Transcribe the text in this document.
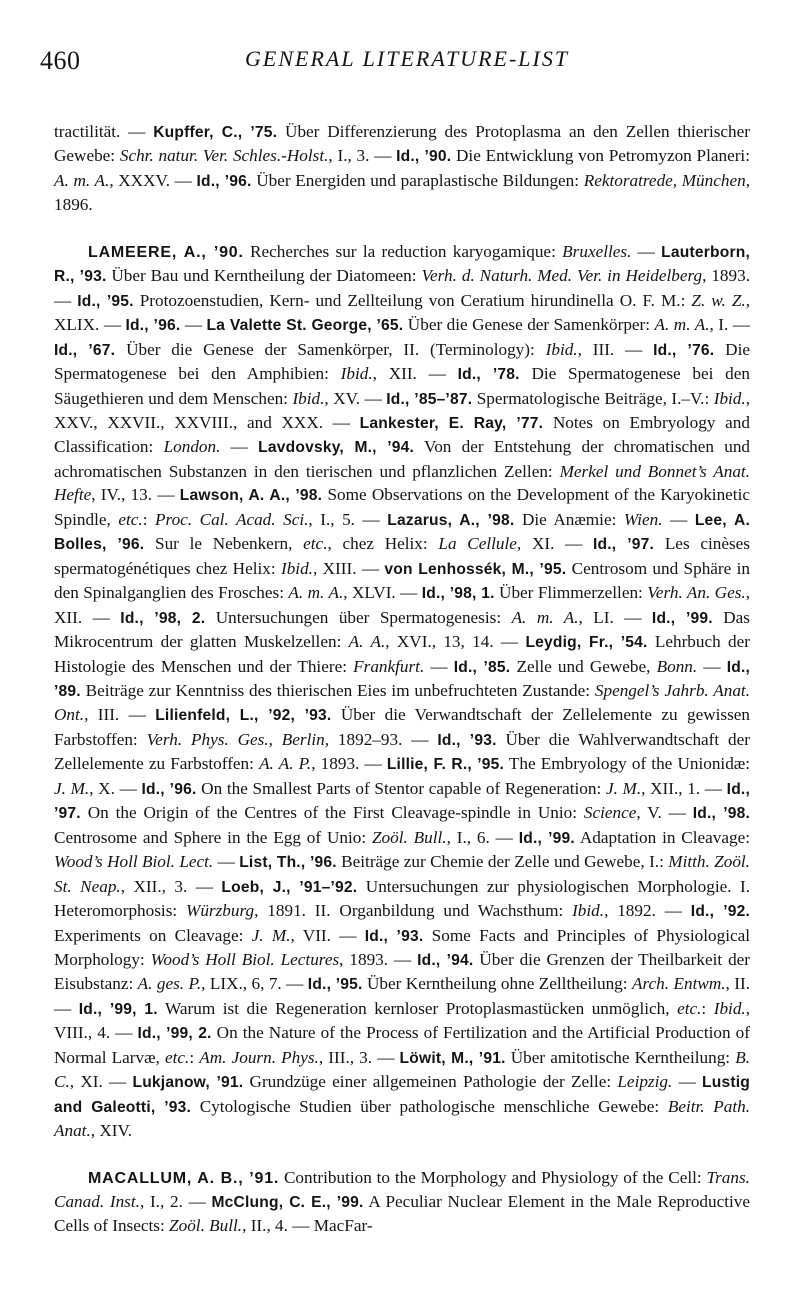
460	GENERAL LITERATURE-LIST

tractilität. — Kupffer, C., ’75. Über Differenzierung des Protoplasma an den Zellen thierischer Gewebe: Schr. natur. Ver. Schles.-Holst., I., 3. — Id., ’90. Die Entwicklung von Petromyzon Planeri: A. m. A., XXXV. — Id., ’96. Über Energiden und paraplastische Bildungen: Rektoratrede, München, 1896.

LAMEERE, A., ’90. Recherches sur la reduction karyogamique: Bruxelles. — Lauterborn, R., ’93. Über Bau und Kerntheilung der Diatomeen: Verh. d. Naturh. Med. Ver. in Heidelberg, 1893. — Id., ’95. Protozoenstudien, Kern- und Zellteilung von Ceratium hirundinella O. F. M.: Z. w. Z., XLIX. — Id., ’96. — La Valette St. George, ’65. Über die Genese der Samenkörper: A. m. A., I. — Id., ’67. Über die Genese der Samenkörper, II. (Terminology): Ibid., III. — Id., ’76. Die Spermatogenese bei den Amphibien: Ibid., XII. — Id., ’78. Die Spermatogenese bei den Säugethieren und dem Menschen: Ibid., XV. — Id., ’85–’87. Spermatologische Beiträge, I.–V.: Ibid., XXV., XXVII., XXVIII., and XXX. — Lankester, E. Ray, ’77. Notes on Embryology and Classification: London. — Lavdovsky, M., ’94. Von der Entstehung der chromatischen und achromatischen Substanzen in den tierischen und pflanzlichen Zellen: Merkel und Bonnet’s Anat. Hefte, IV., 13. — Lawson, A. A., ’98. Some Observations on the Development of the Karyokinetic Spindle, etc.: Proc. Cal. Acad. Sci., I., 5. — Lazarus, A., ’98. Die Anæmie: Wien. — Lee, A. Bolles, ’96. Sur le Nebenkern, etc., chez Helix: La Cellule, XI. — Id., ’97. Les cinèses spermatogénétiques chez Helix: Ibid., XIII. — von Lenhossék, M., ’95. Centrosom und Sphäre in den Spinalganglien des Frosches: A. m. A., XLVI. — Id., ’98, 1. Über Flimmerzellen: Verh. An. Ges., XII. — Id., ’98, 2. Untersuchungen über Spermatogenesis: A. m. A., LI. — Id., ’99. Das Mikrocentrum der glatten Muskelzellen: A. A., XVI., 13, 14. — Leydig, Fr., ’54. Lehrbuch der Histologie des Menschen und der Thiere: Frankfurt. — Id., ’85. Zelle und Gewebe, Bonn. — Id., ’89. Beiträge zur Kenntniss des thierischen Eies im unbefruchteten Zustande: Spengel’s Jahrb. Anat. Ont., III. — Lilienfeld, L., ’92, ’93. Über die Verwandtschaft der Zellelemente zu gewissen Farbstoffen: Verh. Phys. Ges., Berlin, 1892–93. — Id., ’93. Über die Wahlverwandtschaft der Zellelemente zu Farbstoffen: A. A. P., 1893. — Lillie, F. R., ’95. The Embryology of the Unionidæ: J. M., X. — Id., ’96. On the Smallest Parts of Stentor capable of Regeneration: J. M., XII., 1. — Id., ’97. On the Origin of the Centres of the First Cleavage-spindle in Unio: Science, V. — Id., ’98. Centrosome and Sphere in the Egg of Unio: Zoöl. Bull., I., 6. — Id., ’99. Adaptation in Cleavage: Wood’s Holl Biol. Lect. — List, Th., ’96. Beiträge zur Chemie der Zelle und Gewebe, I.: Mitth. Zoöl. St. Neap., XII., 3. — Loeb, J., ’91–’92. Untersuchungen zur physiologischen Morphologie. I. Heteromorphosis: Würzburg, 1891. II. Organbildung und Wachsthum: Ibid., 1892. — Id., ’92. Experiments on Cleavage: J. M., VII. — Id., ’93. Some Facts and Principles of Physiological Morphology: Wood’s Holl Biol. Lectures, 1893. — Id., ’94. Über die Grenzen der Theilbarkeit der Eisubstanz: A. ges. P., LIX., 6, 7. — Id., ’95. Über Kerntheilung ohne Zelltheilung: Arch. Entwm., II. — Id., ’99, 1. Warum ist die Regeneration kernloser Protoplasmastücken unmöglich, etc.: Ibid., VIII., 4. — Id., ’99, 2. On the Nature of the Process of Fertilization and the Artificial Production of Normal Larvæ, etc.: Am. Journ. Phys., III., 3. — Löwit, M., ’91. Über amitotische Kerntheilung: B. C., XI. — Lukjanow, ’91. Grundzüge einer allgemeinen Pathologie der Zelle: Leipzig. — Lustig and Galeotti, ’93. Cytologische Studien über pathologische menschliche Gewebe: Beitr. Path. Anat., XIV.

MACALLUM, A. B., ’91. Contribution to the Morphology and Physiology of the Cell: Trans. Canad. Inst., I., 2. — McClung, C. E., ’99. A Peculiar Nuclear Element in the Male Reproductive Cells of Insects: Zoöl. Bull., II., 4. — MacFar-
